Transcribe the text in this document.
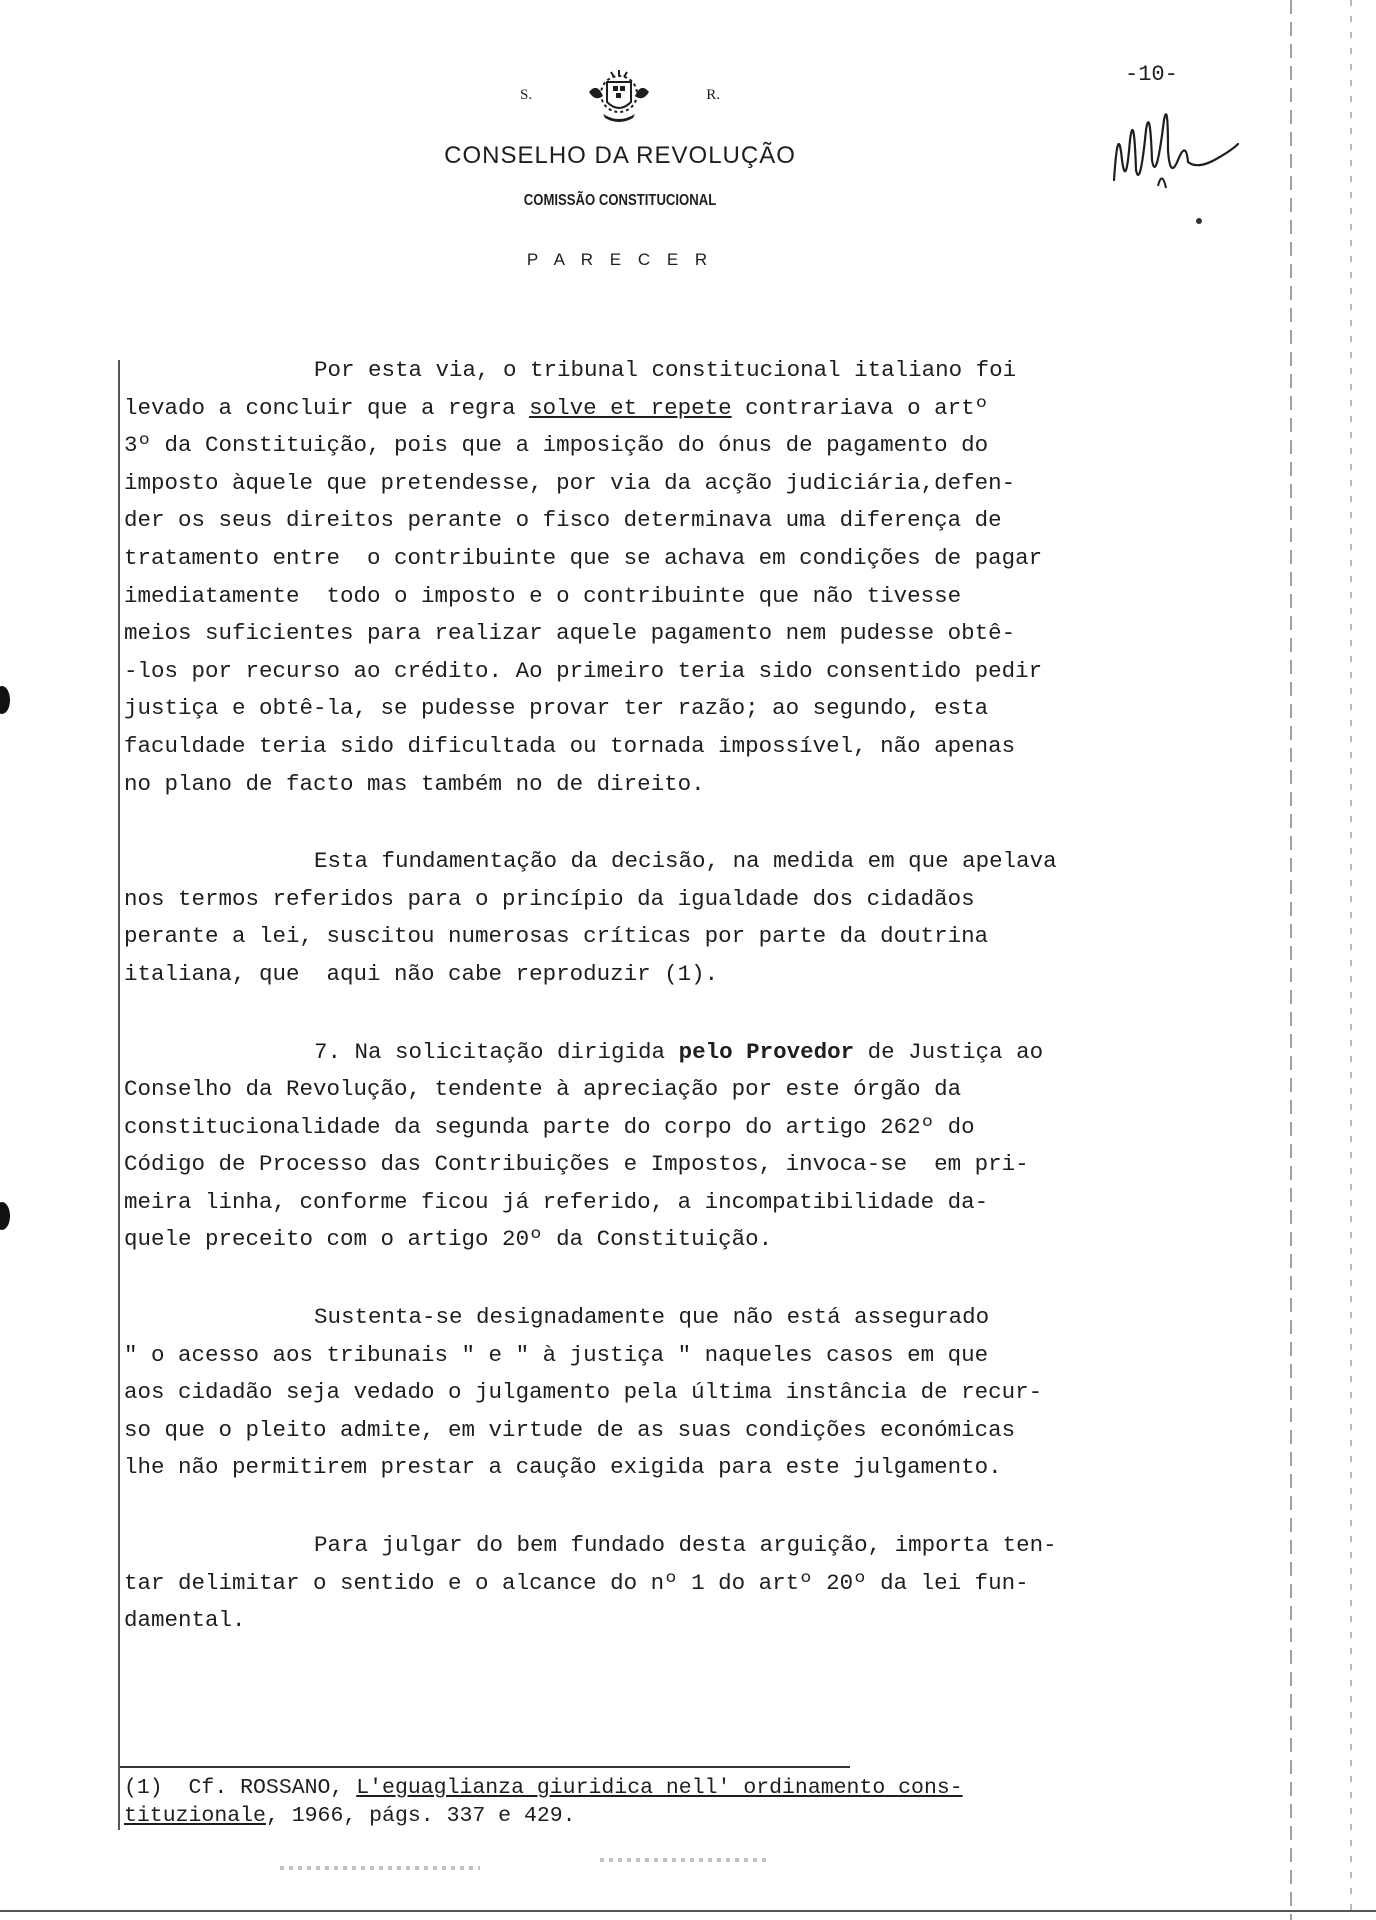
S.	R.
CONSELHO DA REVOLUÇÃO
COMISSÃO CONSTITUCIONAL
P A R E C E R
-10-
Por esta via, o tribunal constitucional italiano foi
levado a concluir que a regra solve et repete contrariava o artº
3º da Constituição, pois que a imposição do ónus de pagamento do
imposto àquele que pretendesse, por via da acção judiciária,defen-
der os seus direitos perante o fisco determinava uma diferença de
tratamento entre  o contribuinte que se achava em condições de pagar
imediatamente  todo o imposto e o contribuinte que não tivesse
meios suficientes para realizar aquele pagamento nem pudesse obtê-
-los por recurso ao crédito. Ao primeiro teria sido consentido pedir
justiça e obtê-la, se pudesse provar ter razão; ao segundo, esta
faculdade teria sido dificultada ou tornada impossível, não apenas
no plano de facto mas também no de direito.
Esta fundamentação da decisão, na medida em que apelava
nos termos referidos para o princípio da igualdade dos cidadãos
perante a lei, suscitou numerosas críticas por parte da doutrina
italiana, que  aqui não cabe reproduzir (1).
7. Na solicitação dirigida pelo Provedor de Justiça ao
Conselho da Revolução, tendente à apreciação por este órgão da
constitucionalidade da segunda parte do corpo do artigo 262º do
Código de Processo das Contribuições e Impostos, invoca-se  em pri-
meira linha, conforme ficou já referido, a incompatibilidade da-
quele preceito com o artigo 20º da Constituição.
Sustenta-se designadamente que não está assegurado
" o acesso aos tribunais " e " à justiça " naqueles casos em que
aos cidadão seja vedado o julgamento pela última instância de recur-
so que o pleito admite, em virtude de as suas condições económicas
lhe não permitirem prestar a caução exigida para este julgamento.
Para julgar do bem fundado desta arguição, importa ten-
tar delimitar o sentido e o alcance do nº 1 do artº 20º da lei fun-
damental.
(1)  Cf. ROSSANO, L'eguaglianza giuridica nell' ordinamento cons-
tituzionale, 1966, págs. 337 e 429.
